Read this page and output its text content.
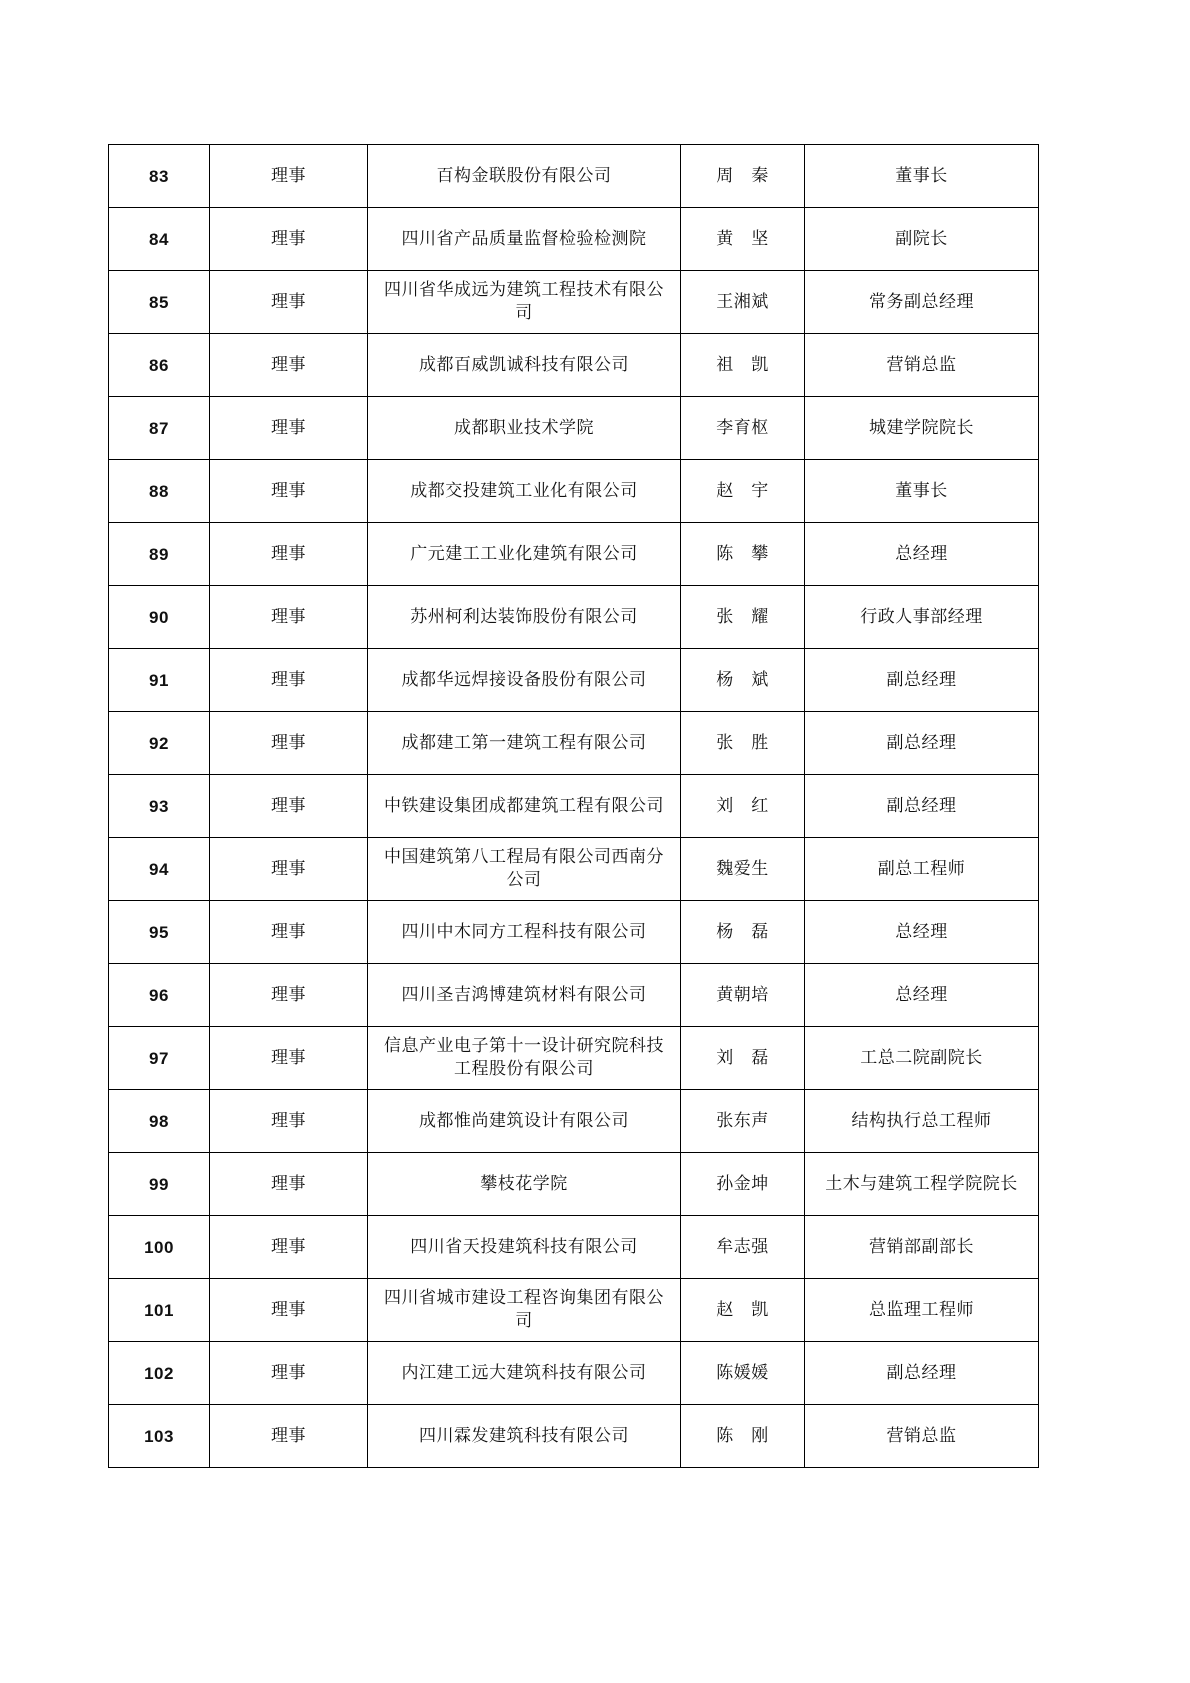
83	理事	百构金联股份有限公司	周　秦	董事长
84	理事	四川省产品质量监督检验检测院	黄　坚	副院长
85	理事	四川省华成远为建筑工程技术有限公司	王湘斌	常务副总经理
86	理事	成都百威凯诚科技有限公司	祖　凯	营销总监
87	理事	成都职业技术学院	李育枢	城建学院院长
88	理事	成都交投建筑工业化有限公司	赵　宇	董事长
89	理事	广元建工工业化建筑有限公司	陈　攀	总经理
90	理事	苏州柯利达装饰股份有限公司	张　耀	行政人事部经理
91	理事	成都华远焊接设备股份有限公司	杨　斌	副总经理
92	理事	成都建工第一建筑工程有限公司	张　胜	副总经理
93	理事	中铁建设集团成都建筑工程有限公司	刘　红	副总经理
94	理事	中国建筑第八工程局有限公司西南分公司	魏爱生	副总工程师
95	理事	四川中木同方工程科技有限公司	杨　磊	总经理
96	理事	四川圣吉鸿博建筑材料有限公司	黄朝培	总经理
97	理事	信息产业电子第十一设计研究院科技工程股份有限公司	刘　磊	工总二院副院长
98	理事	成都惟尚建筑设计有限公司	张东声	结构执行总工程师
99	理事	攀枝花学院	孙金坤	土木与建筑工程学院院长
100	理事	四川省天投建筑科技有限公司	牟志强	营销部副部长
101	理事	四川省城市建设工程咨询集团有限公司	赵　凯	总监理工程师
102	理事	内江建工远大建筑科技有限公司	陈媛媛	副总经理
103	理事	四川霖发建筑科技有限公司	陈　刚	营销总监
